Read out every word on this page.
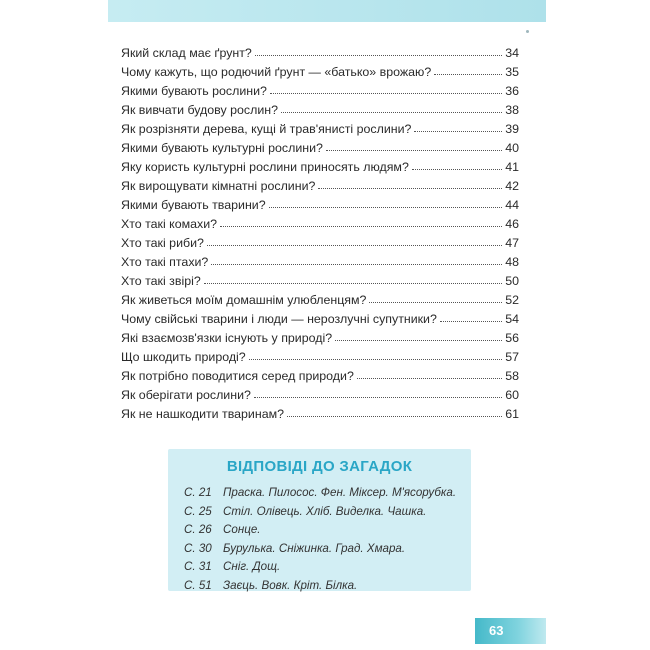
Який склад має ґрунт?	34
Чому кажуть, що родючий ґрунт — «батько» врожаю?	35
Якими бувають рослини?	36
Як вивчати будову рослин?	38
Як розрізняти дерева, кущі й трав'янисті рослини?	39
Якими бувають культурні рослини?	40
Яку користь культурні рослини приносять людям?	41
Як вирощувати кімнатні рослини?	42
Якими бувають тварини?	44
Хто такі комахи?	46
Хто такі риби?	47
Хто такі птахи?	48
Хто такі звірі?	50
Як живеться моїм домашнім улюбленцям?	52
Чому свійські тварини і люди — нерозлучні супутники?	54
Які взаємозв'язки існують у природі?	56
Що шкодить природі?	57
Як потрібно поводитися серед природи?	58
Як оберігати рослини?	60
Як не нашкодити тваринам?	61
ВІДПОВІДІ ДО ЗАГАДОК
С. 21 Праска. Пилосос. Фен. Міксер. М'ясорубка.
С. 25 Стіл. Олівець. Хліб. Виделка. Чашка.
С. 26 Сонце.
С. 30 Бурулька. Сніжинка. Град. Хмара.
С. 31 Сніг. Дощ.
С. 51 Заєць. Вовк. Кріт. Білка.
63
